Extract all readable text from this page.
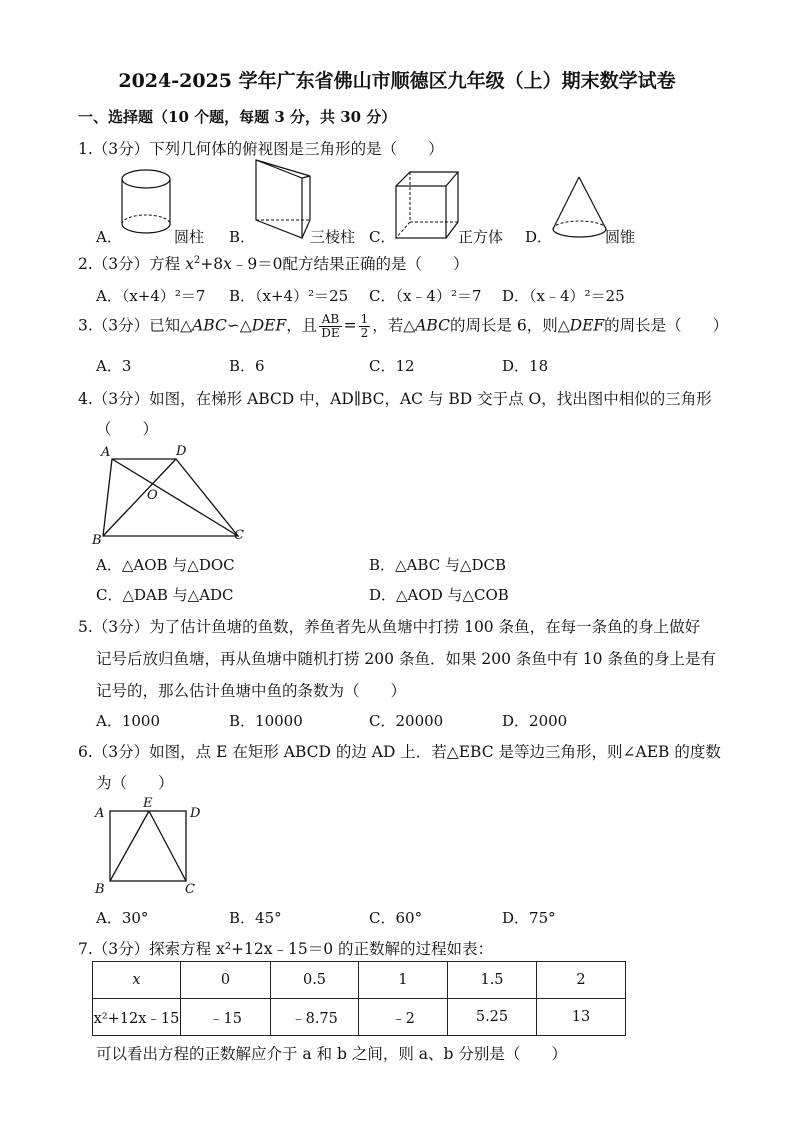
2024-2025 学年广东省佛山市顺德区九年级（上）期末数学试卷
一、选择题（10 个题，每题 3 分，共 30 分）
1.（3分）下列几何体的俯视图是三角形的是（　　）
A．	圆柱 B．	三棱柱 C．	正方体 D．	圆锥
2.（3分）方程 $x^2+8x﹣9=0$配方结果正确的是（　　）
A．（x+4）²＝7 B．（x+4）²＝25 C．（x﹣4）²＝7 D．（x﹣4）²＝25
3.（3分）已知△ABC∽△DEF，且 $\frac{AB}{DE} = \frac{1}{2}$ ，若△ABC的周长是 6，则△DEF的周长是（　　）
A．3	B．6	C．12	D．18
4.（3分）如图，在梯形 ABCD 中，AD∥BC，AC 与 BD 交于点 O，找出图中相似的三角形
（　　）
A	D
O
B	C
A．△AOB 与△DOC	B．△ABC 与△DCB
C．△DAB 与△ADC	D．△AOD 与△COB
5.（3分）为了估计鱼塘的鱼数，养鱼者先从鱼塘中打捞 100 条鱼，在每一条鱼的身上做好
记号后放归鱼塘，再从鱼塘中随机打捞 200 条鱼．如果 200 条鱼中有 10 条鱼的身上是有
记号的，那么估计鱼塘中鱼的条数为（　　）
A．1000	B．10000	C．20000	D．2000
6.（3分）如图，点 E 在矩形 ABCD 的边 AD 上．若△EBC 是等边三角形，则∠AEB 的度数
为（　　）
A
E
D
B	C
A．30°	B．45°	C．60°	D．75°
7.（3分）探索方程 x²+12x﹣15＝0 的正数解的过程如表：
x	0	0.5	1	1.5	2
x²+12x﹣15	﹣15	﹣8.75	﹣2	5.25	13
可以看出方程的正数解应介于 a 和 b 之间，则 a、b 分别是（　　）
